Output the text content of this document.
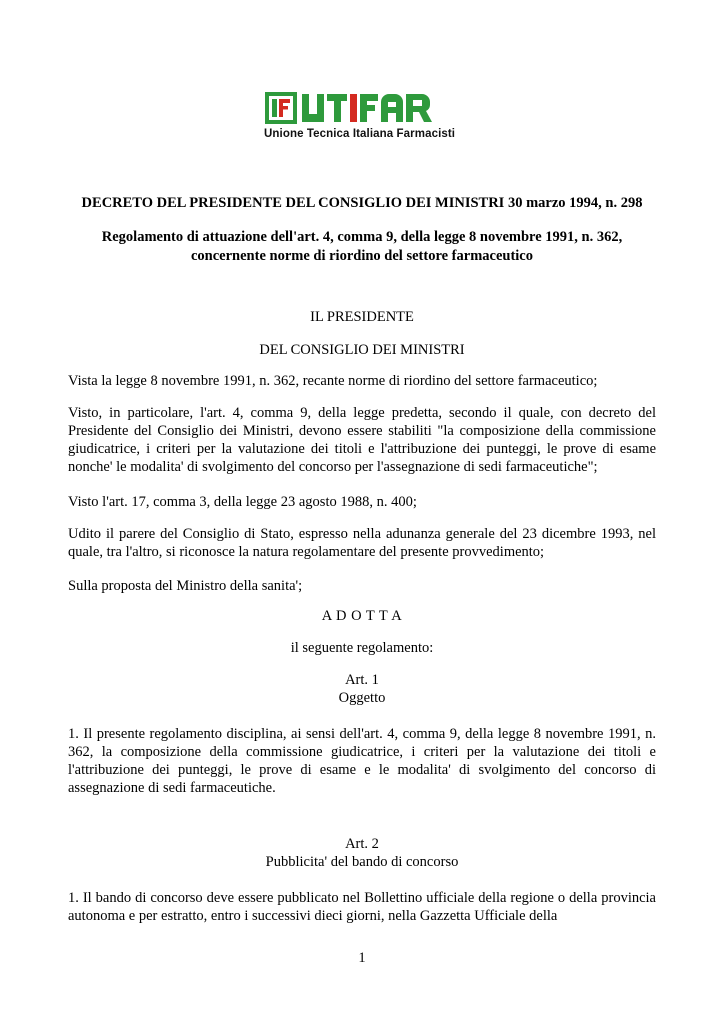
Unione Tecnica Italiana Farmacisti
DECRETO DEL PRESIDENTE DEL CONSIGLIO DEI MINISTRI 30 marzo 1994, n. 298
Regolamento di attuazione dell'art. 4, comma 9, della legge 8 novembre 1991, n. 362,
concernente norme di riordino del settore farmaceutico
IL PRESIDENTE
DEL CONSIGLIO DEI MINISTRI
Vista la legge 8 novembre 1991, n. 362, recante norme di riordino del settore farmaceutico;
Visto, in particolare, l'art. 4, comma 9, della legge predetta, secondo il quale, con decreto del Presidente del Consiglio dei Ministri, devono essere stabiliti "la composizione della commissione giudicatrice, i criteri per la valutazione dei titoli e l'attribuzione dei punteggi, le prove di esame nonche' le modalita' di svolgimento del concorso per l'assegnazione di sedi farmaceutiche";
Visto l'art. 17, comma 3, della legge 23 agosto 1988, n. 400;
Udito il parere del Consiglio di Stato, espresso nella adunanza generale del 23 dicembre 1993, nel quale, tra l'altro, si riconosce la natura regolamentare del presente provvedimento;
Sulla proposta del Ministro della sanita';
A D O T T A
il seguente regolamento:
Art. 1
Oggetto
1. Il presente regolamento disciplina, ai sensi dell'art. 4, comma 9, della legge 8 novembre 1991, n. 362, la composizione della commissione giudicatrice, i criteri per la valutazione dei titoli e l'attribuzione dei punteggi, le prove di esame e le modalita' di svolgimento del concorso di assegnazione di sedi farmaceutiche.
Art. 2
Pubblicita' del bando di concorso
1. Il bando di concorso deve essere pubblicato nel Bollettino ufficiale della regione o della provincia autonoma e per estratto, entro i successivi dieci giorni, nella Gazzetta Ufficiale della
1
